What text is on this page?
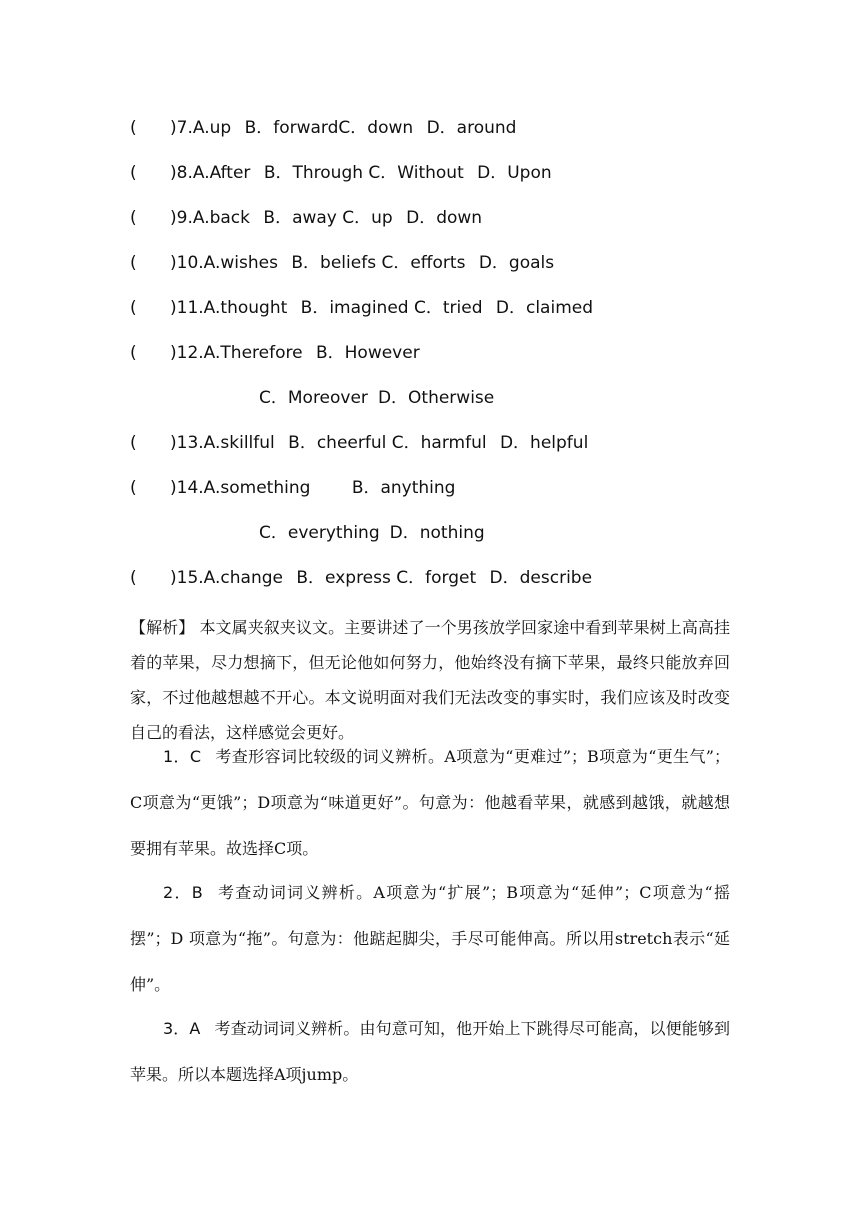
( )7.A.up B．forwardC．down D．around
( )8.A.After B．Through C．Without D．Upon
( )9.A.back B．away C．up D．down
( )10.A.wishes B．beliefs C．efforts D．goals
( )11.A.thought B．imagined C．tried D．claimed
( )12.A.Therefore B．However
C．Moreover D．Otherwise
( )13.A.skillful B．cheerful C．harmful D．helpful
( )14.A.something B．anything
C．everything D．nothing
( )15.A.change B．express C．forget D．describe
【解析】 本文属夹叙夹议文。主要讲述了一个男孩放学回家途中看到苹果树上高高挂着的苹果，尽力想摘下，但无论他如何努力，他始终没有摘下苹果，最终只能放弃回家，不过他越想越不开心。本文说明面对我们无法改变的事实时，我们应该及时改变自己的看法，这样感觉会更好。
1．C 考查形容词比较级的词义辨析。A项意为“更难过”；B项意为“更生气”；C项意为“更饿”；D项意为“味道更好”。句意为：他越看苹果，就感到越饿，就越想要拥有苹果。故选择C项。
2．B 考查动词词义辨析。A项意为“扩展”；B项意为“延伸”；C项意为“摇摆”；D 项意为“拖”。句意为：他踮起脚尖，手尽可能伸高。所以用stretch表示“延伸”。
3．A 考查动词词义辨析。由句意可知，他开始上下跳得尽可能高，以便能够到苹果。所以本题选择A项jump。
